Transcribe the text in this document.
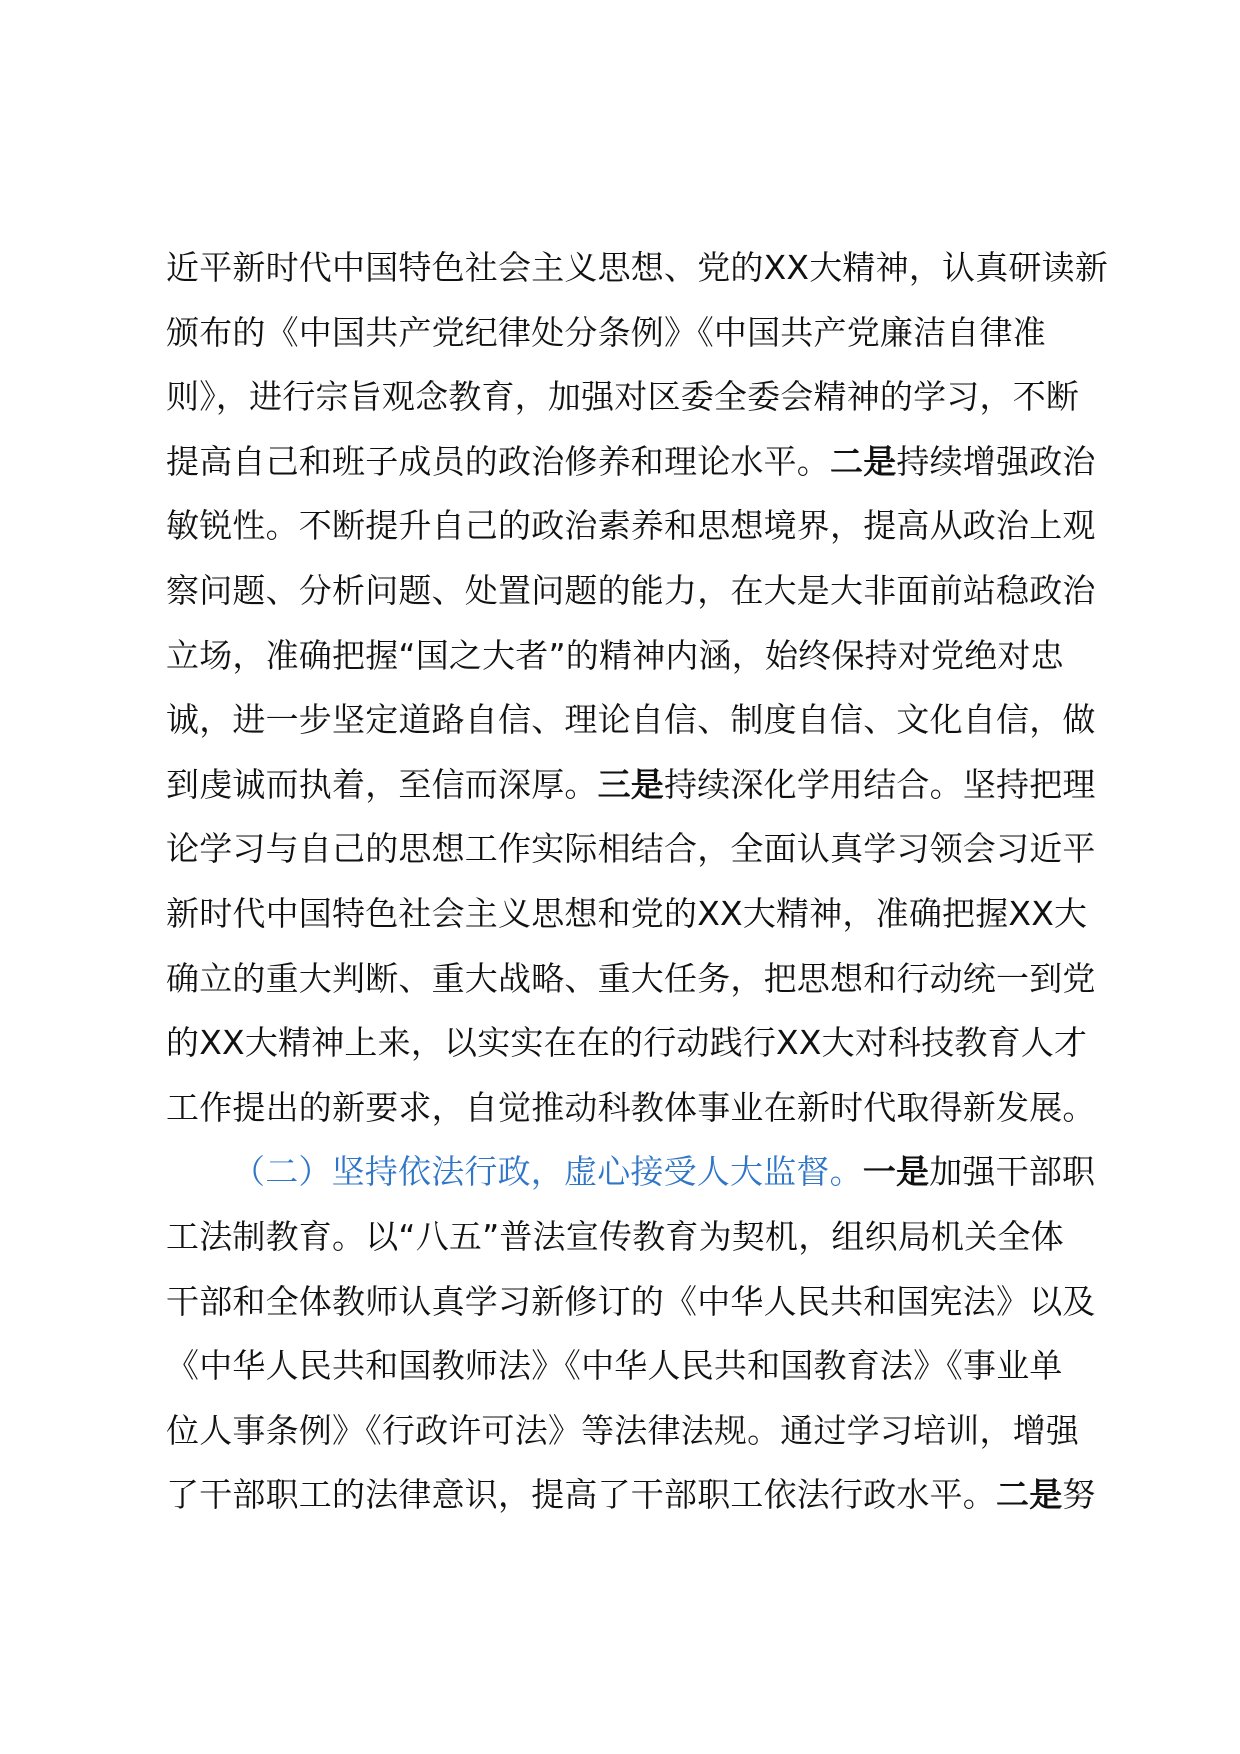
近平新时代中国特色社会主义思想、党的XX大精神，认真研读新
颁布的《中国共产党纪律处分条例》《中国共产党廉洁自律准
则》，进行宗旨观念教育，加强对区委全委会精神的学习，不断
提高自己和班子成员的政治修养和理论水平。二是持续增强政治
敏锐性。不断提升自己的政治素养和思想境界，提高从政治上观
察问题、分析问题、处置问题的能力，在大是大非面前站稳政治
立场，准确把握“国之大者”的精神内涵，始终保持对党绝对忠
诚，进一步坚定道路自信、理论自信、制度自信、文化自信，做
到虔诚而执着，至信而深厚。三是持续深化学用结合。坚持把理
论学习与自己的思想工作实际相结合，全面认真学习领会习近平
新时代中国特色社会主义思想和党的XX大精神，准确把握XX大
确立的重大判断、重大战略、重大任务，把思想和行动统一到党
的XX大精神上来，以实实在在的行动践行XX大对科技教育人才
工作提出的新要求，自觉推动科教体事业在新时代取得新发展。
（二）坚持依法行政，虚心接受人大监督。一是加强干部职
工法制教育。以“八五”普法宣传教育为契机，组织局机关全体
干部和全体教师认真学习新修订的《中华人民共和国宪法》以及
《中华人民共和国教师法》《中华人民共和国教育法》《事业单
位人事条例》《行政许可法》等法律法规。通过学习培训，增强
了干部职工的法律意识，提高了干部职工依法行政水平。二是努
